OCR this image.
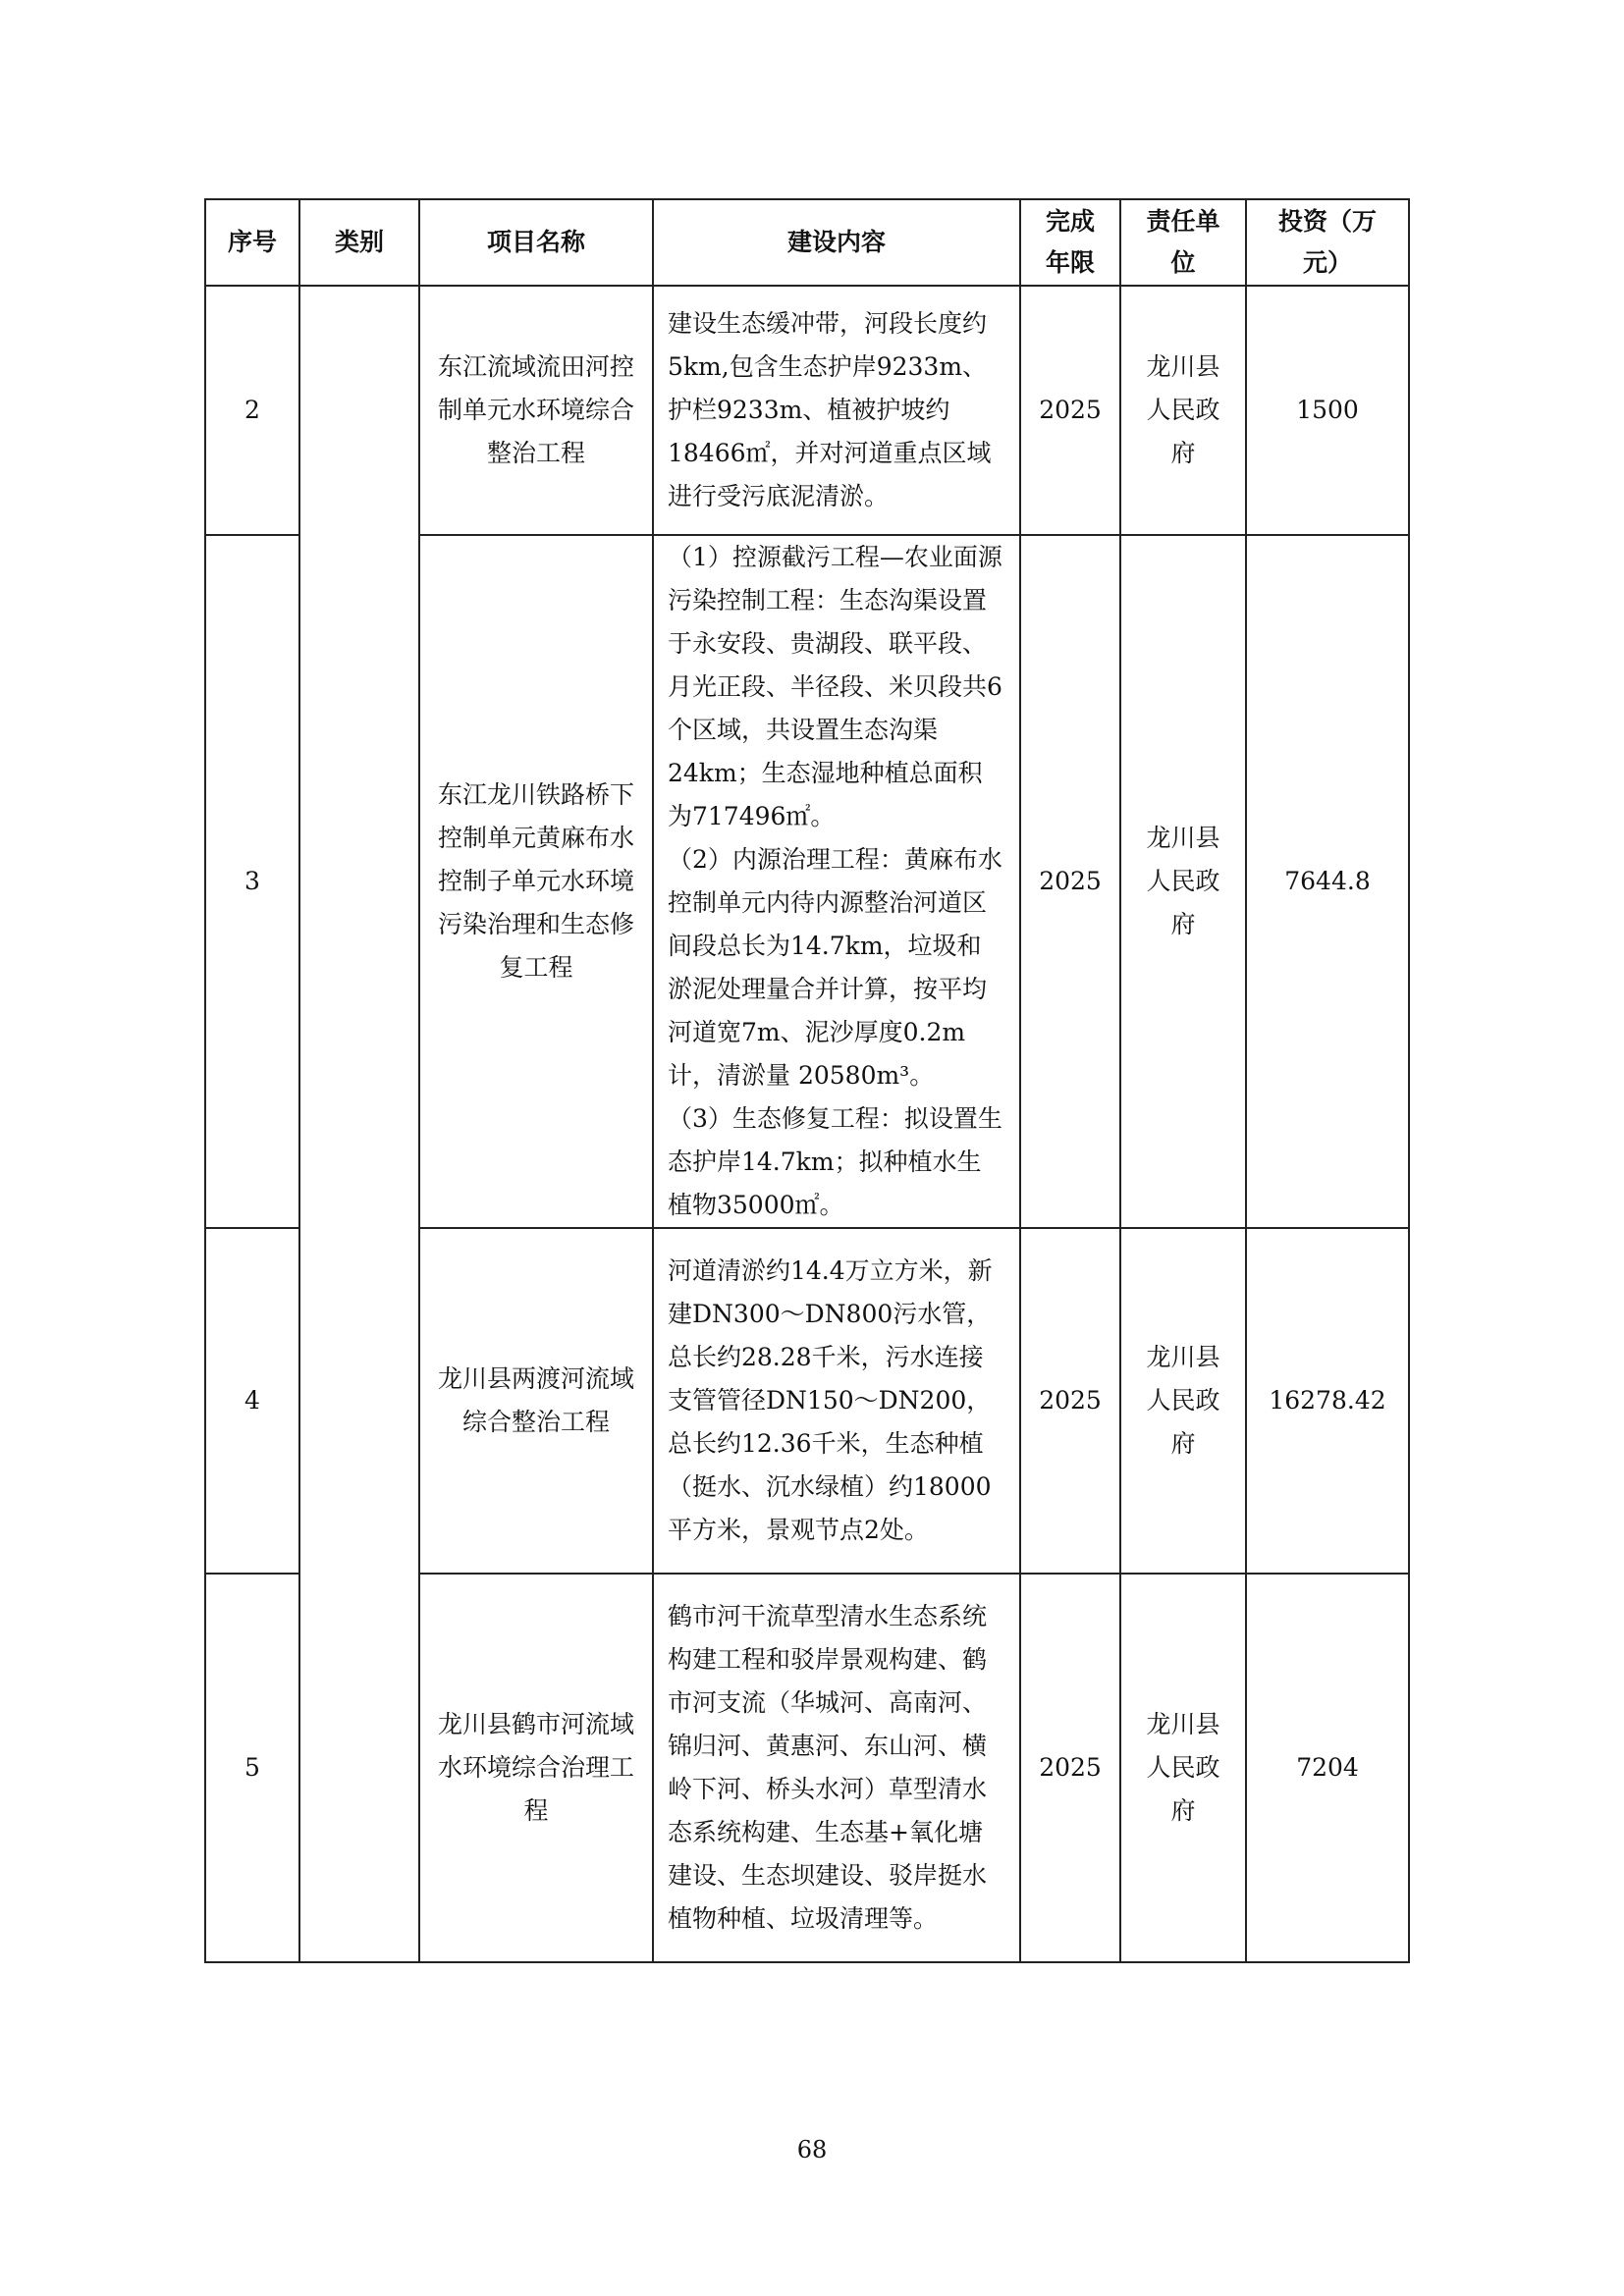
序号	类别	项目名称	建设内容	完成年限	责任单位	投资（万元）
2		东江流域流田河控制单元水环境综合整治工程	建设生态缓冲带，河段长度约5km,包含生态护岸9233m、护栏9233m、植被护坡约18466㎡，并对河道重点区域进行受污底泥清淤。	2025	龙川县人民政府	1500
3		东江龙川铁路桥下控制单元黄麻布水控制子单元水环境污染治理和生态修复工程	（1）控源截污工程—农业面源污染控制工程：生态沟渠设置于永安段、贵湖段、联平段、月光正段、半径段、米贝段共6个区域，共设置生态沟渠24km；生态湿地种植总面积为717496㎡。
（2）内源治理工程：黄麻布水控制单元内待内源整治河道区间段总长为14.7km，垃圾和淤泥处理量合并计算，按平均河道宽7m、泥沙厚度0.2m计，清淤量 20580m³。
（3）生态修复工程：拟设置生态护岸14.7km；拟种植水生植物35000㎡。	2025	龙川县人民政府	7644.8
4		龙川县两渡河流域综合整治工程	河道清淤约14.4万立方米，新建DN300～DN800污水管，总长约28.28千米，污水连接支管管径DN150～DN200，总长约12.36千米，生态种植（挺水、沉水绿植）约18000平方米，景观节点2处。	2025	龙川县人民政府	16278.42
5		龙川县鹤市河流域水环境综合治理工程	鹤市河干流草型清水生态系统构建工程和驳岸景观构建、鹤市河支流（华城河、高南河、锦归河、黄惠河、东山河、横岭下河、桥头水河）草型清水态系统构建、生态基+氧化塘建设、生态坝建设、驳岸挺水植物种植、垃圾清理等。	2025	龙川县人民政府	7204
68
